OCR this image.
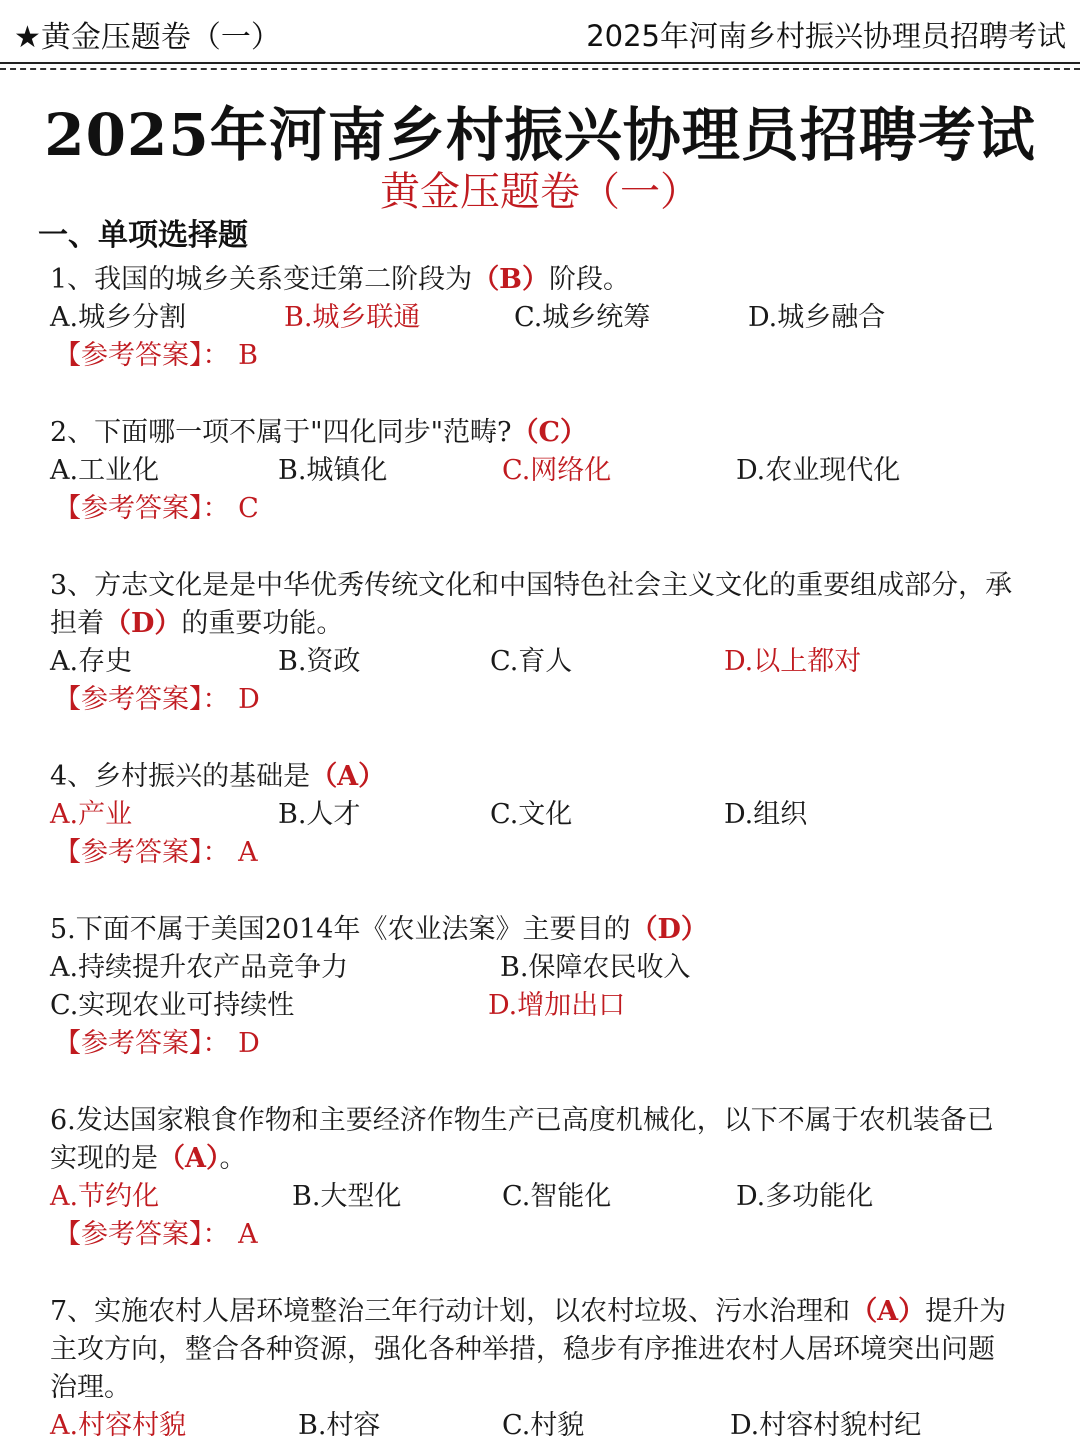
★黄金压题卷（一）	2025年河南乡村振兴协理员招聘考试
2025年河南乡村振兴协理员招聘考试
黄金压题卷（一）
一、单项选择题
1、我国的城乡关系变迁第二阶段为（B）阶段。
A.城乡分割	B.城乡联通	C.城乡统筹	D.城乡融合
【参考答案】： B
2、下面哪一项不属于"四化同步"范畴?（C）
A.工业化	B.城镇化	C.网络化	D.农业现代化
【参考答案】： C
3、方志文化是是中华优秀传统文化和中国特色社会主义文化的重要组成部分，承
担着（D）的重要功能。
A.存史	B.资政	C.育人	D.以上都对
【参考答案】： D
4、乡村振兴的基础是（A）
A.产业	B.人才	C.文化	D.组织
【参考答案】： A
5.下面不属于美国2014年《农业法案》主要目的（D）
A.持续提升农产品竞争力	B.保障农民收入
C.实现农业可持续性	D.增加出口
【参考答案】： D
6.发达国家粮食作物和主要经济作物生产已高度机械化，以下不属于农机装备已
实现的是（A）。
A.节约化	B.大型化	C.智能化	D.多功能化
【参考答案】： A
7、实施农村人居环境整治三年行动计划，以农村垃圾、污水治理和（A）提升为
主攻方向，整合各种资源，强化各种举措，稳步有序推进农村人居环境突出问题
治理。
A.村容村貌	B.村容	C.村貌	D.村容村貌村纪
